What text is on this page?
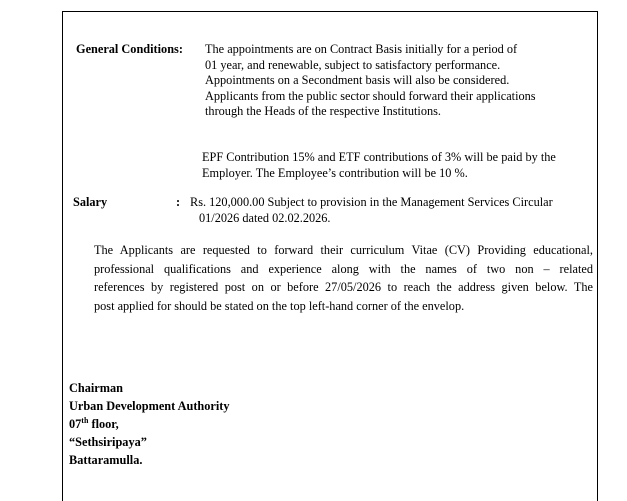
General Conditions: The appointments are on Contract Basis initially for a period of
01 year, and renewable, subject to satisfactory performance.
Appointments on a Secondment basis will also be considered.
Applicants from the public sector should forward their applications
through the Heads of the respective Institutions.
EPF Contribution 15% and ETF contributions of 3% will be paid by the
Employer. The Employee’s contribution will be 10 %.
Salary	: Rs. 120,000.00 Subject to provision in the Management Services Circular
01/2026 dated 02.02.2026.
The Applicants are requested to forward their curriculum Vitae (CV) Providing educational,
professional qualifications and experience along with the names of two non – related
references by registered post on or before 27/05/2026 to reach the address given below. The
post applied for should be stated on the top left-hand corner of the envelop.
Chairman
Urban Development Authority
07th floor,
“Sethsiripaya”
Battaramulla.
